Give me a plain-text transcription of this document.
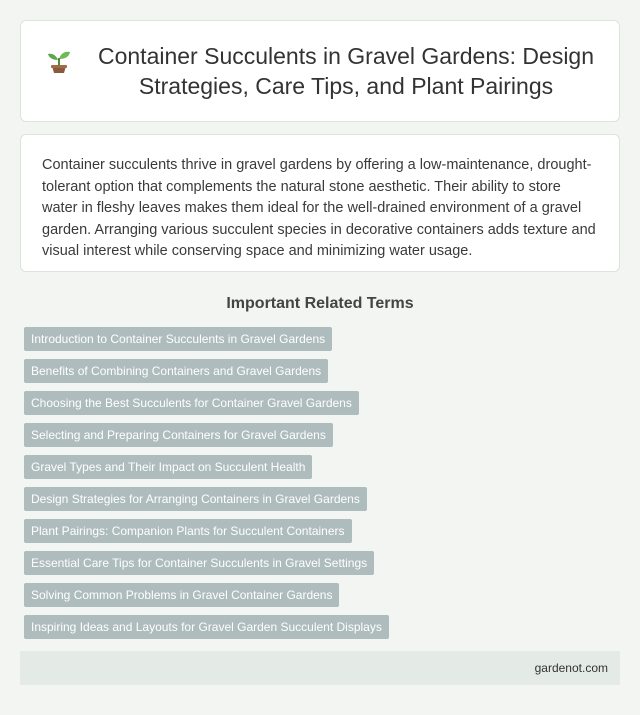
Container Succulents in Gravel Gardens: Design Strategies, Care Tips, and Plant Pairings

Container succulents thrive in gravel gardens by offering a low-maintenance, drought-tolerant option that complements the natural stone aesthetic. Their ability to store water in fleshy leaves makes them ideal for the well-drained environment of a gravel garden. Arranging various succulent species in decorative containers adds texture and visual interest while conserving space and minimizing water usage.

Important Related Terms
Introduction to Container Succulents in Gravel Gardens
Benefits of Combining Containers and Gravel Gardens
Choosing the Best Succulents for Container Gravel Gardens
Selecting and Preparing Containers for Gravel Gardens
Gravel Types and Their Impact on Succulent Health
Design Strategies for Arranging Containers in Gravel Gardens
Plant Pairings: Companion Plants for Succulent Containers
Essential Care Tips for Container Succulents in Gravel Settings
Solving Common Problems in Gravel Container Gardens
Inspiring Ideas and Layouts for Gravel Garden Succulent Displays
gardenot.com
